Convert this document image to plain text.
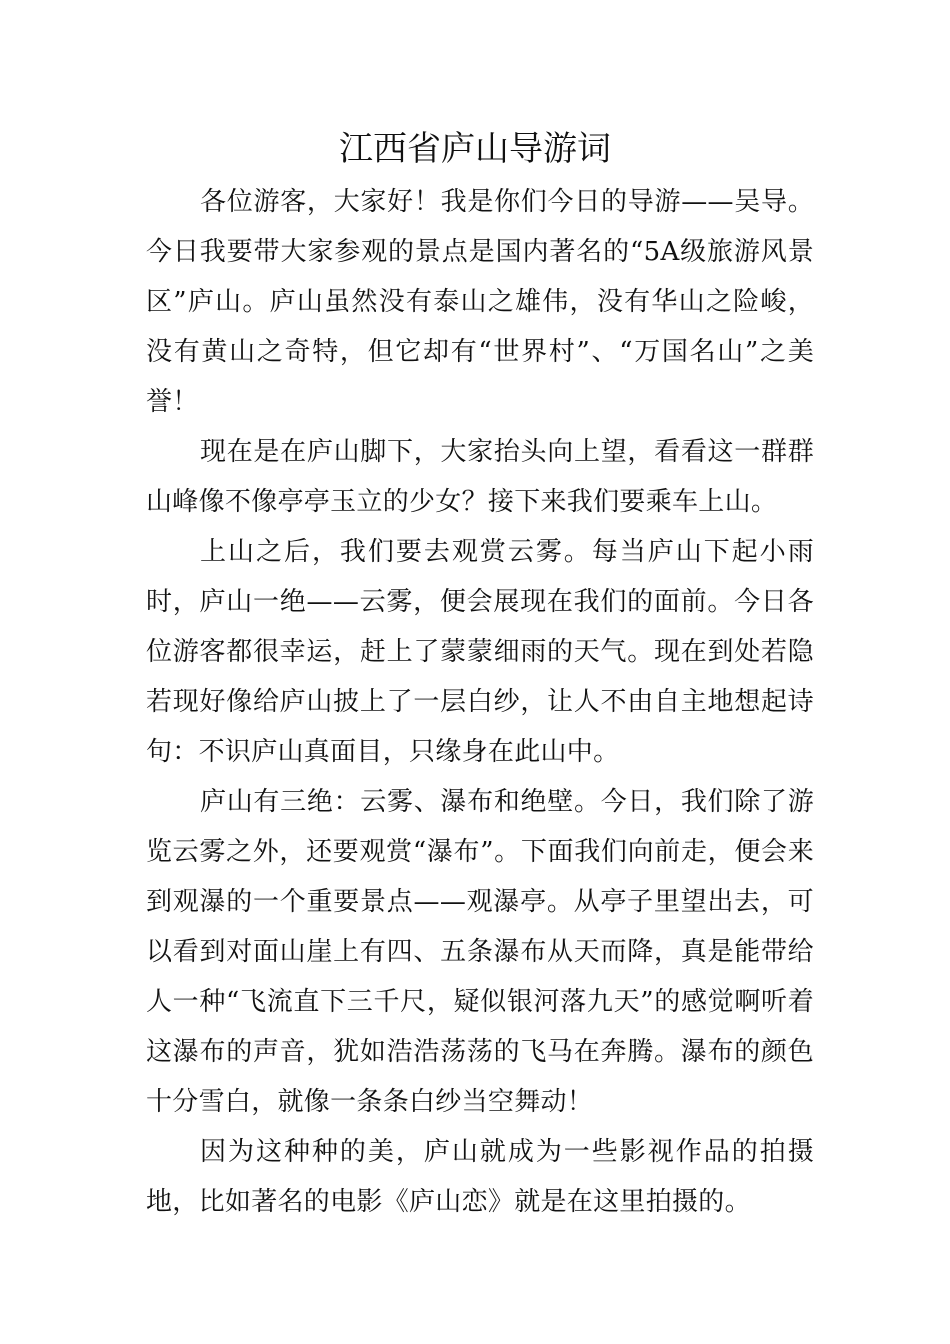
江西省庐山导游词

各位游客，大家好！我是你们今日的导游——吴导。今日我要带大家参观的景点是国内著名的“5A级旅游风景区”庐山。庐山虽然没有泰山之雄伟，没有华山之险峻，没有黄山之奇特，但它却有“世界村”、“万国名山”之美誉！

现在是在庐山脚下，大家抬头向上望，看看这一群群山峰像不像亭亭玉立的少女？接下来我们要乘车上山。

上山之后，我们要去观赏云雾。每当庐山下起小雨时，庐山一绝——云雾，便会展现在我们的面前。今日各位游客都很幸运，赶上了蒙蒙细雨的天气。现在到处若隐若现好像给庐山披上了一层白纱，让人不由自主地想起诗句：不识庐山真面目，只缘身在此山中。

庐山有三绝：云雾、瀑布和绝壁。今日，我们除了游览云雾之外，还要观赏“瀑布”。下面我们向前走，便会来到观瀑的一个重要景点——观瀑亭。从亭子里望出去，可以看到对面山崖上有四、五条瀑布从天而降，真是能带给人一种“飞流直下三千尺，疑似银河落九天”的感觉啊听着这瀑布的声音，犹如浩浩荡荡的飞马在奔腾。瀑布的颜色十分雪白，就像一条条白纱当空舞动！

因为这种种的美，庐山就成为一些影视作品的拍摄地，比如著名的电影《庐山恋》就是在这里拍摄的。
